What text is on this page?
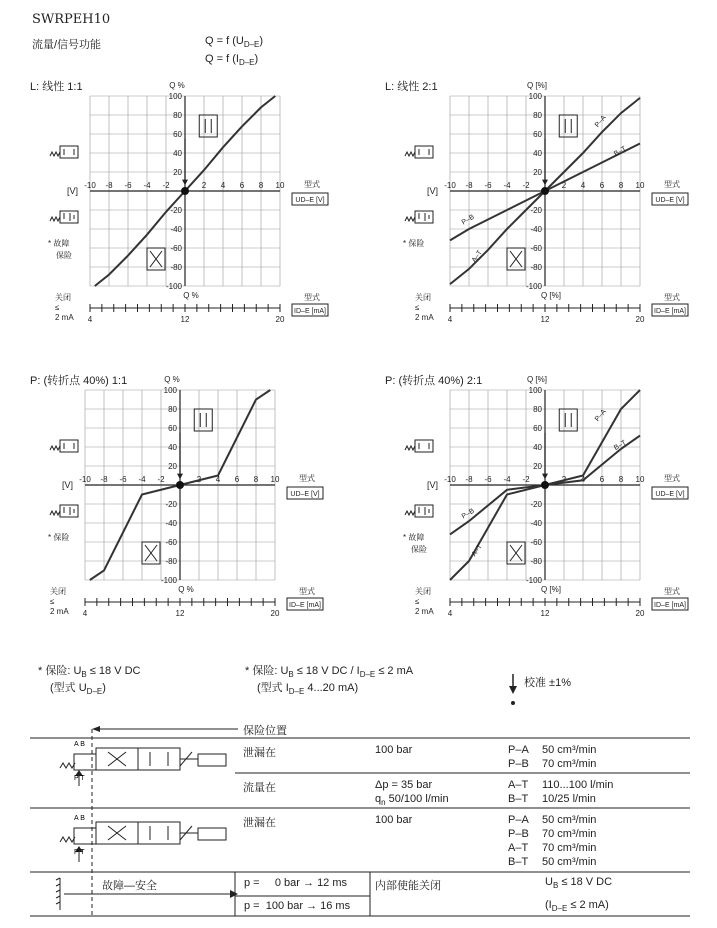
SWRPEH10
流量/信号功能	Q = f $(U_{D-E})$
Q = f $(I_{D-E})$
L: 线性 1:1
-10 -8 -6 -4 -2	2 4 6 8 10
100
80
60
40
20
-20
-40
-60
-80
-100
Q %
[V]
型式
UD–E [V]
* 故障
保险
关闭
≤
2 mA 4	12	20
Q %	型式
ID–E [mA]
L: 线性 2:1
-10 -8 -6 -4 -2	2 4 6 8 10
100
80
60
40
20
-20
-40
-60
-80
-100
Q [%]
[V]
型式
UD–E [V]
P–A
B–T
P–B
A–T
* 保险
关闭
≤
2 mA 4	12	20
Q [%]	型式
ID–E [mA]
P: (转折点 40%) 1:1
-10 -8 -6 -4 -2	2 4 6 8 10
100
80
60
40
20
-20
-40
-60
-80
-100
Q %
[V]
型式
UD–E [V]
* 保险
关闭
≤
2 mA 4	12	20
Q %	型式
ID–E [mA]
P: (转折点 40%) 2:1
-10 -8 -6 -4 -2	2 4 6 8 10
100
80
60
40
20
-20
-40
-60
-80
-100
Q [%]
[V]
型式
UD–E [V]
P–A
B–T
P–B
A–T
* 故障
保险
关闭
≤
2 mA 4	12	20
Q [%]	型式
ID–E [mA]
* 保险: $U_B \le 18$ V DC
(型式 $U_{D-E}$)
* 保险: $U_B \le 18$ V DC / $I_{D-E} \le 2$ mA
(型式 $I_{D-E}$ 4...20 mA)	校准 ±1%
保险位置
A B
P T
A B
P T
泄漏在	100 bar	P–A 50 cm³/min
P–B 70 cm³/min
流量在	Δp = 35 bar
$q_n$ 50/100 l/min
A–T 110...100 l/min
B–T 10/25 l/min
泄漏在	100 bar	P–A 50 cm³/min
P–B 70 cm³/min
A–T 70 cm³/min
B–T 50 cm³/min
故障—安全	p =     0 bar → 12 ms
p =  100 bar → 16 ms
内部使能关闭	$U_B \le 18$ V DC
($I_{D-E} \le 2$ mA)
